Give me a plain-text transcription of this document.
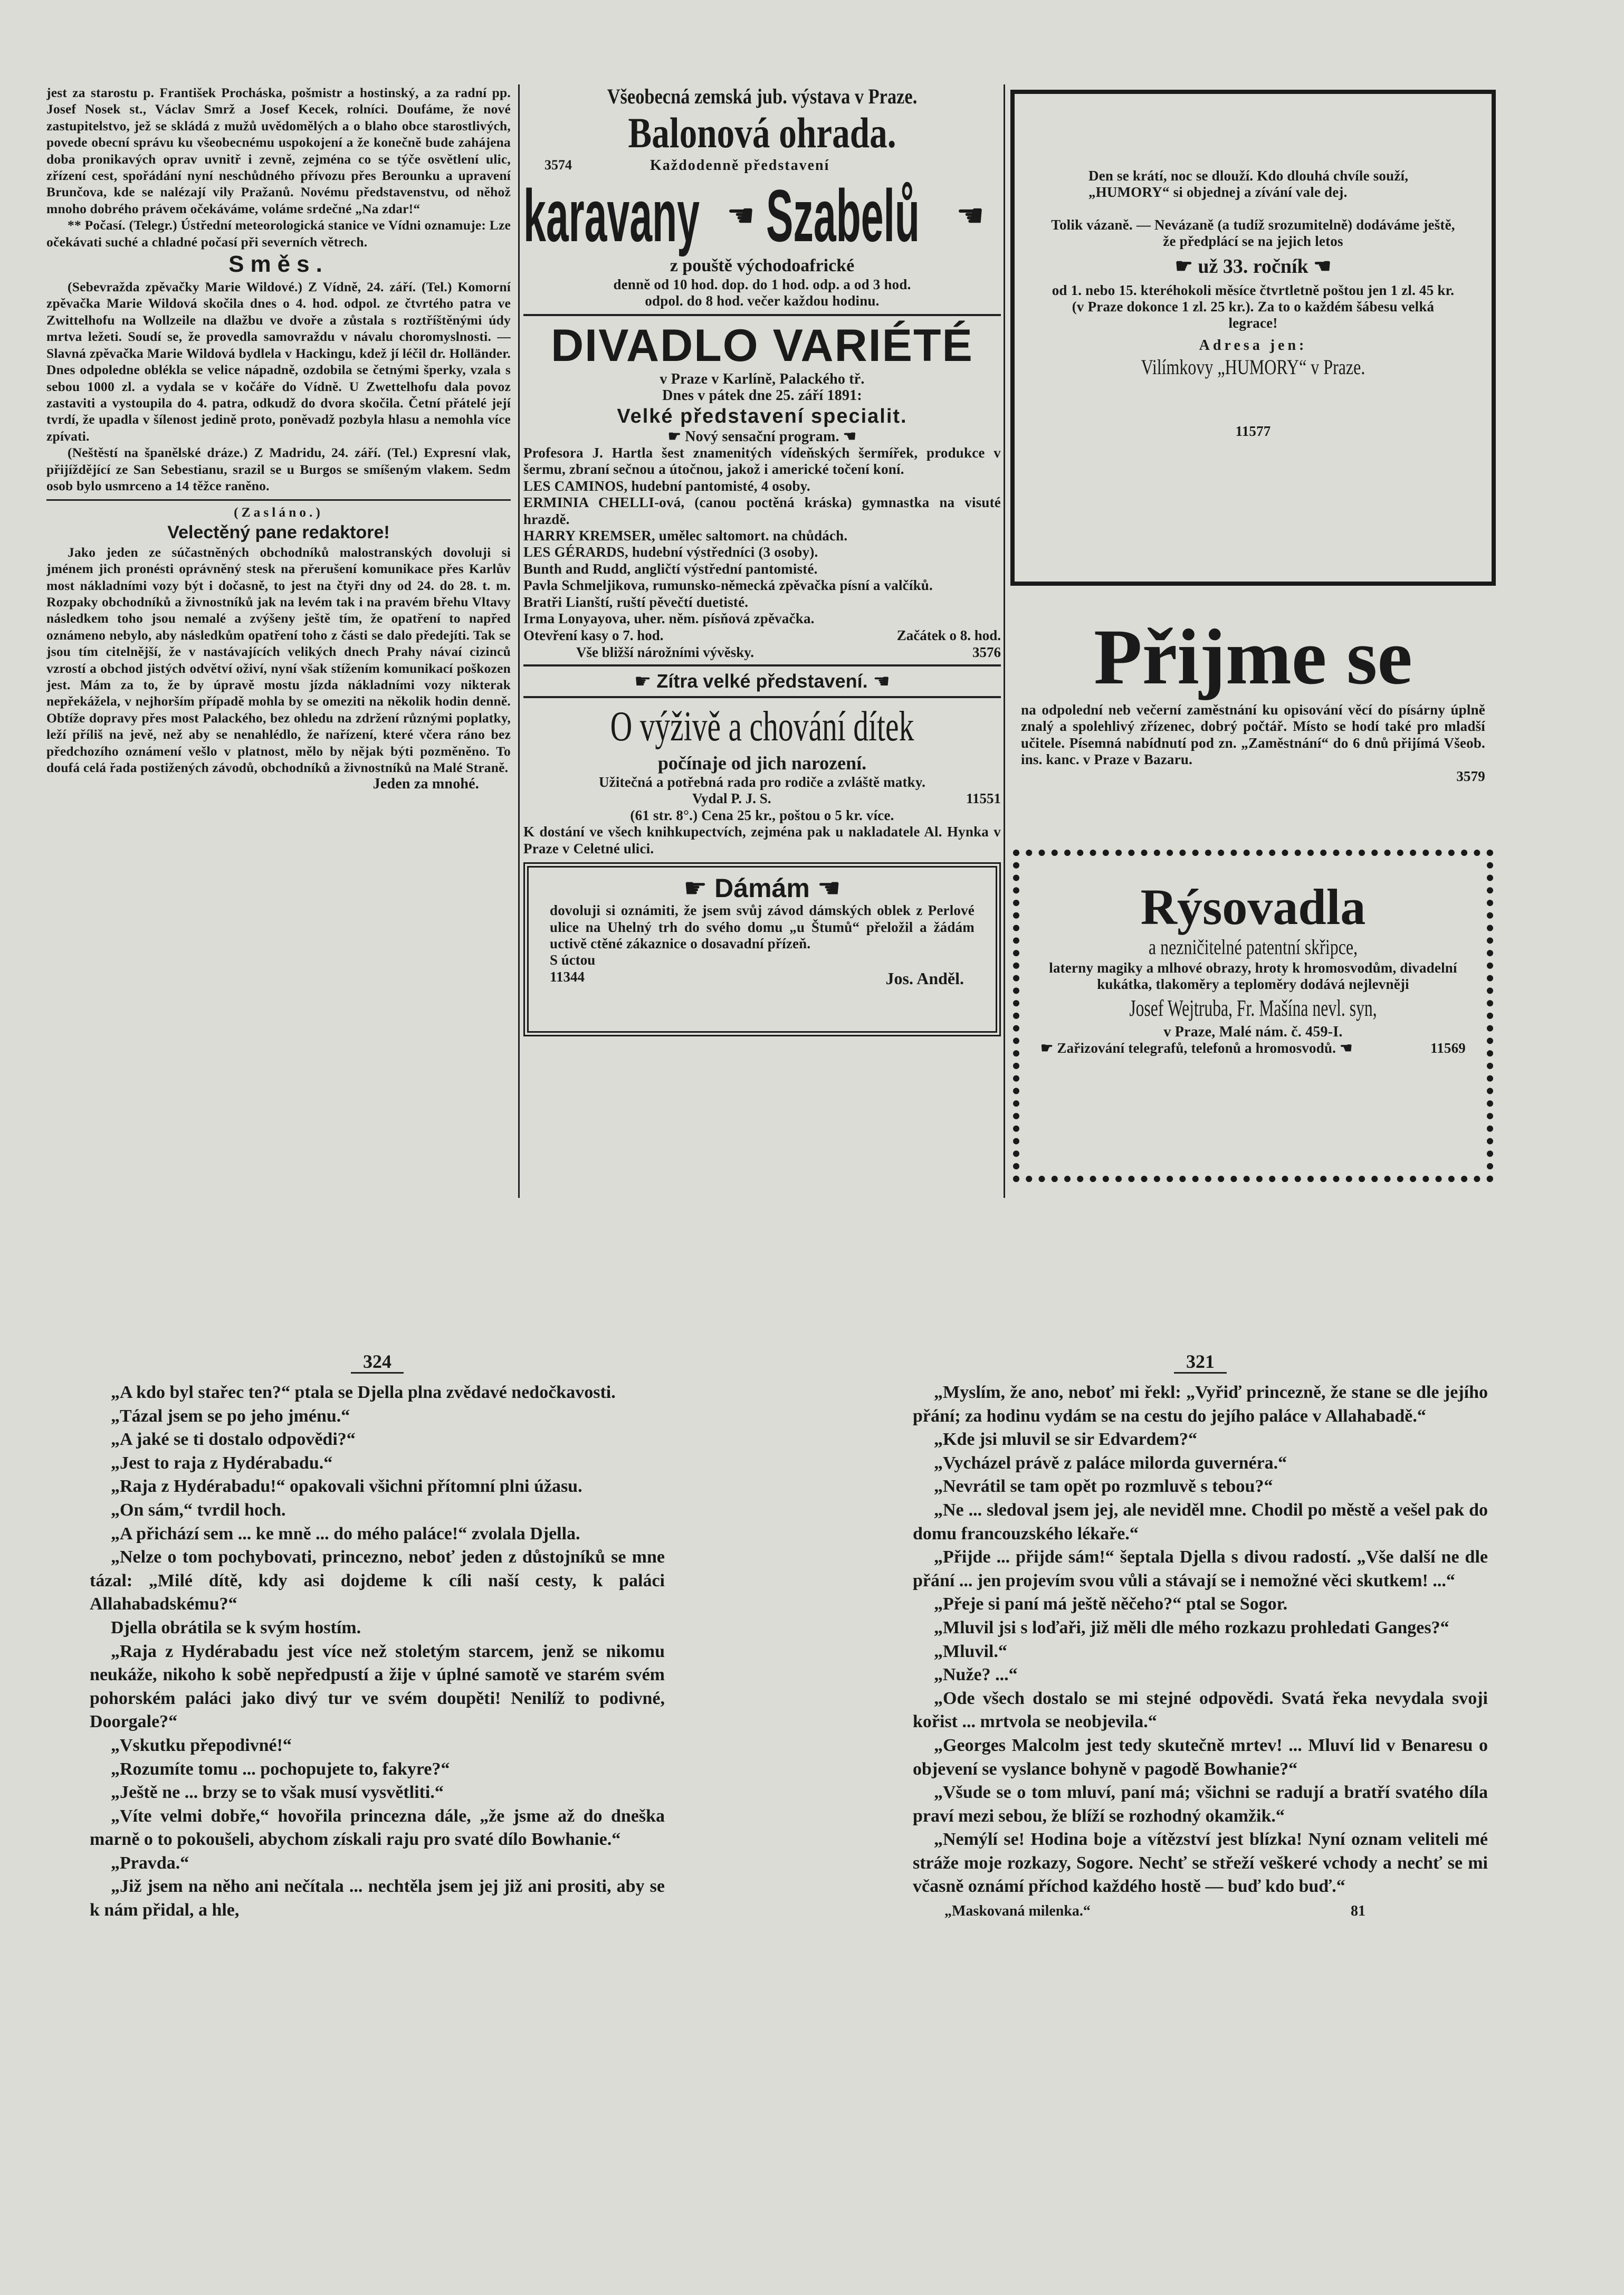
jest za starostu p. František Procháska, pošmistr a hostinský, a za radní pp. Josef Nosek st., Václav Smrž a Josef Kecek, rolníci. Doufáme, že nové zastupitelstvo, jež se skládá z mužů uvědomělých a o blaho obce starostlivých, povede obecní správu ku všeobecnému uspokojení a že konečně bude zahájena doba pronikavých oprav uvnitř i zevně, zejména co se týče osvětlení ulic, zřízení cest, spořádání nyní neschůdného přívozu přes Berounku a upravení Brunčova, kde se nalézají vily Pražanů. Novému představenstvu, od něhož mnoho dobrého právem očekáváme, voláme srdečné „Na zdar!“

** Počasí. (Telegr.) Ústřední meteorologická stanice ve Vídni oznamuje: Lze očekávati suché a chladné počasí při severních větrech.

Směs.

(Sebevražda zpěvačky Marie Wildové.) Z Vídně, 24. září. (Tel.) Komorní zpěvačka Marie Wildová skočila dnes o 4. hod. odpol. ze čtvrtého patra ve Zwittelhofu na Wollzeile na dlažbu ve dvoře a zůstala s roztříštěnými údy mrtva ležeti. Soudí se, že provedla samovraždu v návalu choromyslnosti. — Slavná zpěvačka Marie Wildová bydlela v Hackingu, kdež jí léčil dr. Holländer. Dnes odpoledne oblékla se velice nápadně, ozdobila se četnými šperky, vzala s sebou 1000 zl. a vydala se v kočáře do Vídně. U Zwettelhofu dala povoz zastaviti a vystoupila do 4. patra, odkudž do dvora skočila. Četní přátelé její tvrdí, že upadla v šílenost jedině proto, poněvadž pozbyla hlasu a nemohla více zpívati.

(Neštěstí na španělské dráze.) Z Madridu, 24. září. (Tel.) Expresní vlak, přijíždějící ze San Sebestianu, srazil se u Burgos se smíšeným vlakem. Sedm osob bylo usmrceno a 14 těžce raněno.

(Zasláno.)

Velectěný pane redaktore!

Jako jeden ze súčastněných obchodníků malostranských dovoluji si jménem jich pronésti oprávněný stesk na přerušení komunikace přes Karlův most nákladními vozy být i dočasně, to jest na čtyři dny od 24. do 28. t. m. Rozpaky obchodníků a živnostníků jak na levém tak i na pravém břehu Vltavy následkem toho jsou nemalé a zvýšeny ještě tím, že opatření to napřed oznámeno nebylo, aby následkům opatření toho z části se dalo předejíti. Tak se jsou tím citelnější, že v nastávajících velikých dnech Prahy návaí cizinců vzrostí a obchod jistých odvětví oživí, nyní však stížením komunikací poškozen jest. Mám za to, že by úpravě mostu jízda nákladními vozy nikterak nepřekážela, v nejhorším případě mohla by se omeziti na několik hodin denně. Obtíže dopravy přes most Palackého, bez ohledu na zdržení různými poplatky, leží příliš na jevě, než aby se nenahlédlo, že nařízení, které včera ráno bez předchozího oznámení vešlo v platnost, mělo by nějak býti pozměněno. To doufá celá řada postižených závodů, obchodníků a živnostníků na Malé Straně.

Jeden za mnohé.

Všeobecná zemská jub. výstava v Praze.
Balonová ohrada.
3574	Každodenně představení
karavany ☚ Szabelů ☚
z pouště východoafrické
denně od 10 hod. dop. do 1 hod. odp. a od 3 hod.
odpol. do 8 hod. večer každou hodinu.
DIVADLO VARIÉTÉ
v Praze v Karlíně, Palackého tř.
Dnes v pátek dne 25. září 1891:
Velké představení specialit.
☛ Nový sensační program. ☚

Profesora J. Hartla šest znamenitých vídeňských šermířek, produkce v šermu, zbraní sečnou a útočnou, jakož i americké točení koní.

LES CAMINOS, hudební pantomisté, 4 osoby.

ERMINIA CHELLI-ová, (canou poctěná kráska) gymnastka na visuté hrazdě.

HARRY KREMSER, umělec saltomort. na chůdách.

LES GÉRARDS, hudební výstředníci (3 osoby).

Bunth and Rudd, angličtí výstřední pantomisté.

Pavla Schmeljikova, rumunsko-německá zpěvačka písní a valčíků.

Bratři Lianští, ruští pěvečtí duetisté.

Irma Lonyayova, uher. něm. písňová zpěvačka.

Otevření kasy o 7. hod.	Začátek o 8. hod.
Vše bližší nárožními vývěsky.	3576
☛ Zítra velké představení. ☚
O výživě a chování dítek
počínaje od jich narození.
Užitečná a potřebná rada pro rodiče a zvláště matky.
Vydal P. J. S.	11551
(61 str. 8°.) Cena 25 kr., poštou o 5 kr. více.

K dostání ve všech knihkupectvích, zejména pak u nakladatele Al. Hynka v Praze v Celetné ulici.

☛ Dámám ☚

dovoluji si oznámiti, že jsem svůj závod dámských oblek z Perlové ulice na Uhelný trh do svého domu „u Štumů“ přeložil a žádám uctivě ctěné zákaznice o dosavadní přízeň.

S úctou
11344	Jos. Anděl.

Den se krátí, noc se dlouží. Kdo dlouhá chvíle souží, „HUMORY“ si objednej a zívání vale dej.

Tolik vázaně. — Nevázaně (a tudíž srozumitelně) dodáváme ještě, že předplácí se na jejich letos

☛ už 33. ročník ☚

od 1. nebo 15. kteréhokoli měsíce čtvrtletně poštou jen 1 zl. 45 kr. (v Praze dokonce 1 zl. 25 kr.). Za to o každém šábesu velká legrace!

Adresa jen:

Vilímkovy „HUMORY“ v Praze.

11577

Přijme se

na odpolední neb večerní zaměstnání ku opisování věcí do písárny úplně znalý a spolehlivý zřízenec, dobrý počtář. Místo se hodí také pro mladší učitele. Písemná nabídnutí pod zn. „Zaměstnání“ do 6 dnů přijímá Všeob. ins. kanc. v Praze v Bazaru.

3579

Rýsovadla
a nezničitelné patentní skřipce,

laterny magiky a mlhové obrazy, hroty k hromosvodům, divadelní kukátka, tlakoměry a teploměry dodává nejlevněji

Josef Wejtruba, Fr. Mašína nevl. syn,

v Praze, Malé nám. č. 459-I.

☛ Zařizování telegrafů, telefonů a hromosvodů. ☚	11569
324

„A kdo byl stařec ten?“ ptala se Djella plna zvědavé nedočkavosti.

„Tázal jsem se po jeho jménu.“

„A jaké se ti dostalo odpovědi?“

„Jest to raja z Hydérabadu.“

„Raja z Hydérabadu!“ opakovali všichni přítomní plni úžasu.

„On sám,“ tvrdil hoch.

„A přichází sem ... ke mně ... do mého paláce!“ zvolala Djella.

„Nelze o tom pochybovati, princezno, neboť jeden z důstojníků se mne tázal: „Milé dítě, kdy asi dojdeme k cíli naší cesty, k paláci Allahabadskému?“

Djella obrátila se k svým hostím.

„Raja z Hydérabadu jest více než stoletým starcem, jenž se nikomu neukáže, nikoho k sobě nepředpustí a žije v úplné samotě ve starém svém pohorském paláci jako divý tur ve svém doupěti! Nenilíž to podivné, Doorgale?“

„Vskutku přepodivné!“

„Rozumíte tomu ... pochopujete to, fakyre?“

„Ještě ne ... brzy se to však musí vysvětliti.“

„Víte velmi dobře,“ hovořila princezna dále, „že jsme až do dneška marně o to pokoušeli, abychom získali raju pro svaté dílo Bowhanie.“

„Pravda.“

„Již jsem na něho ani nečítala ... nechtěla jsem jej již ani prositi, aby se k nám přidal, a hle,

321

„Myslím, že ano, neboť mi řekl: „Vyřiď princezně, že stane se dle jejího přání; za hodinu vydám se na cestu do jejího paláce v Allahabadě.“

„Kde jsi mluvil se sir Edvardem?“

„Vycházel právě z paláce milorda guvernéra.“

„Nevrátil se tam opět po rozmluvě s tebou?“

„Ne ... sledoval jsem jej, ale neviděl mne. Chodil po městě a vešel pak do domu francouzského lékaře.“

„Přijde ... přijde sám!“ šeptala Djella s divou radostí. „Vše další ne dle přání ... jen projevím svou vůli a stávají se i nemožné věci skutkem! ...“

„Přeje si paní má ještě něčeho?“ ptal se Sogor.

„Mluvil jsi s loďaři, již měli dle mého rozkazu prohledati Ganges?“

„Mluvil.“

„Nuže? ...“

„Ode všech dostalo se mi stejné odpovědi. Svatá řeka nevydala svoji kořist ... mrtvola se neobjevila.“

„Georges Malcolm jest tedy skutečně mrtev! ... Mluví lid v Benaresu o objevení se vyslance bohyně v pagodě Bowhanie?“

„Všude se o tom mluví, paní má; všichni se radují a bratří svatého díla praví mezi sebou, že blíží se rozhodný okamžik.“

„Nemýlí se! Hodina boje a vítězství jest blízka! Nyní oznam veliteli mé stráže moje rozkazy, Sogore. Nechť se střeží veškeré vchody a nechť se mi včasně oznámí příchod každého hostě — buď kdo buď.“

„Maskovaná milenka.“	81
